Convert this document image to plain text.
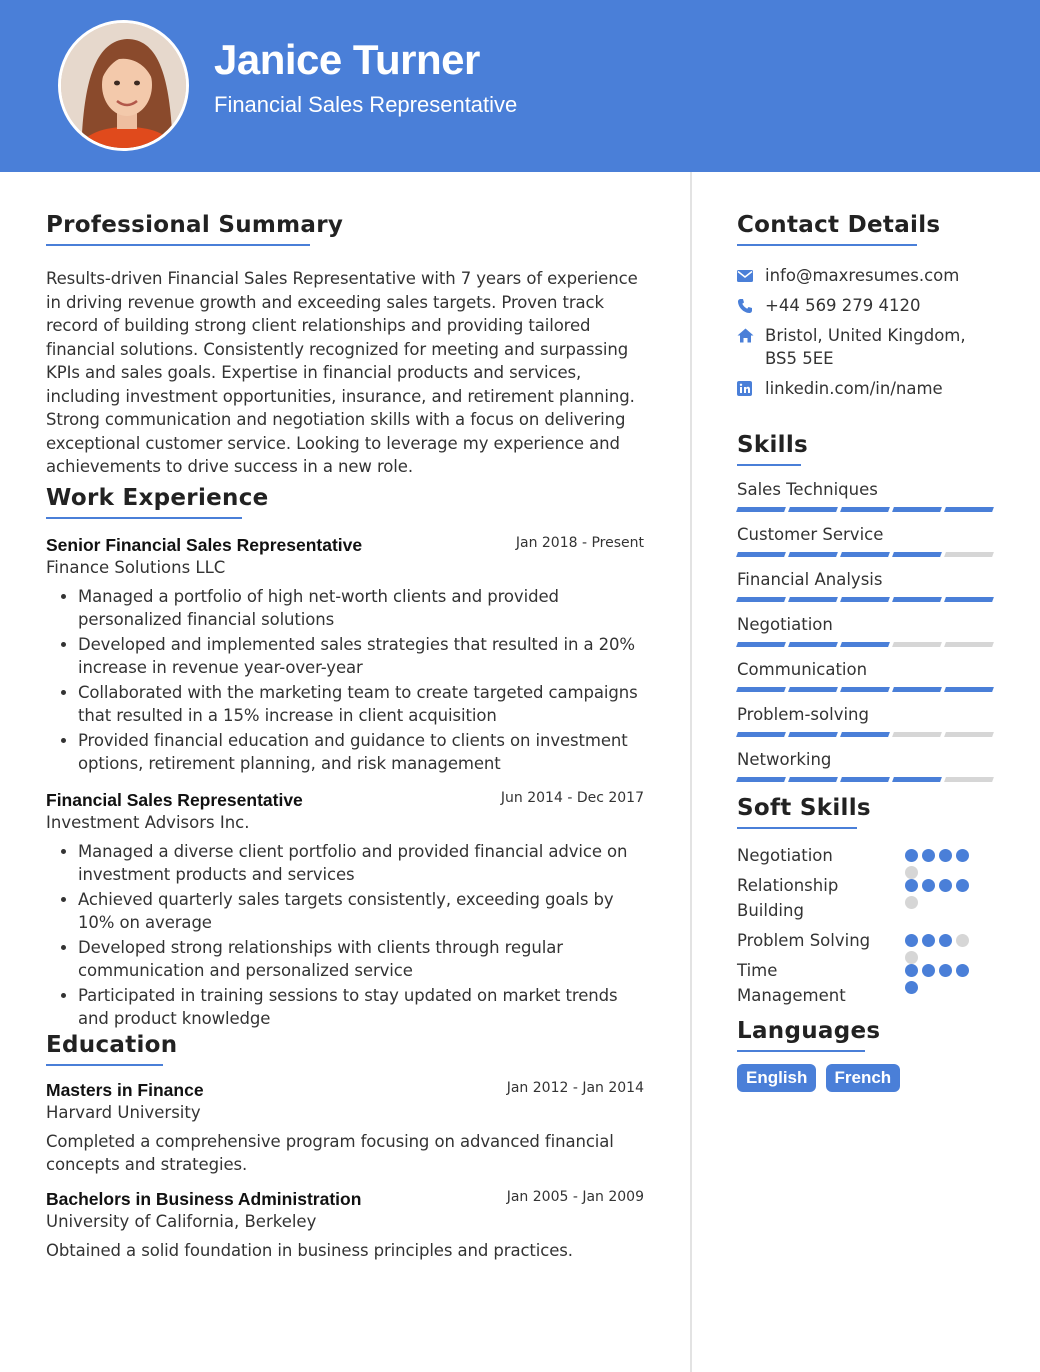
Janice Turner
Financial Sales Representative
Professional Summary
Results-driven Financial Sales Representative with 7 years of experience in driving revenue growth and exceeding sales targets. Proven track record of building strong client relationships and providing tailored financial solutions. Consistently recognized for meeting and surpassing KPIs and sales goals. Expertise in financial products and services, including investment opportunities, insurance, and retirement planning. Strong communication and negotiation skills with a focus on delivering exceptional customer service. Looking to leverage my experience and achievements to drive success in a new role.
Work Experience
Senior Financial Sales Representative	Jan 2018 - Present
Finance Solutions LLC
• Managed a portfolio of high net-worth clients and provided personalized financial solutions
• Developed and implemented sales strategies that resulted in a 20% increase in revenue year-over-year
• Collaborated with the marketing team to create targeted campaigns that resulted in a 15% increase in client acquisition
• Provided financial education and guidance to clients on investment options, retirement planning, and risk management
Financial Sales Representative	Jun 2014 - Dec 2017
Investment Advisors Inc.
• Managed a diverse client portfolio and provided financial advice on investment products and services
• Achieved quarterly sales targets consistently, exceeding goals by 10% on average
• Developed strong relationships with clients through regular communication and personalized service
• Participated in training sessions to stay updated on market trends and product knowledge
Education
Masters in Finance	Jan 2012 - Jan 2014
Harvard University
Completed a comprehensive program focusing on advanced financial concepts and strategies.
Bachelors in Business Administration	Jan 2005 - Jan 2009
University of California, Berkeley
Obtained a solid foundation in business principles and practices.
Contact Details
info@maxresumes.com
+44 569 279 4120
Bristol, United Kingdom, BS5 5EE
linkedin.com/in/name
Skills
Sales Techniques
Customer Service
Financial Analysis
Negotiation
Communication
Problem-solving
Networking
Soft Skills
Negotiation
Relationship Building
Problem Solving
Time Management
Languages
English French
